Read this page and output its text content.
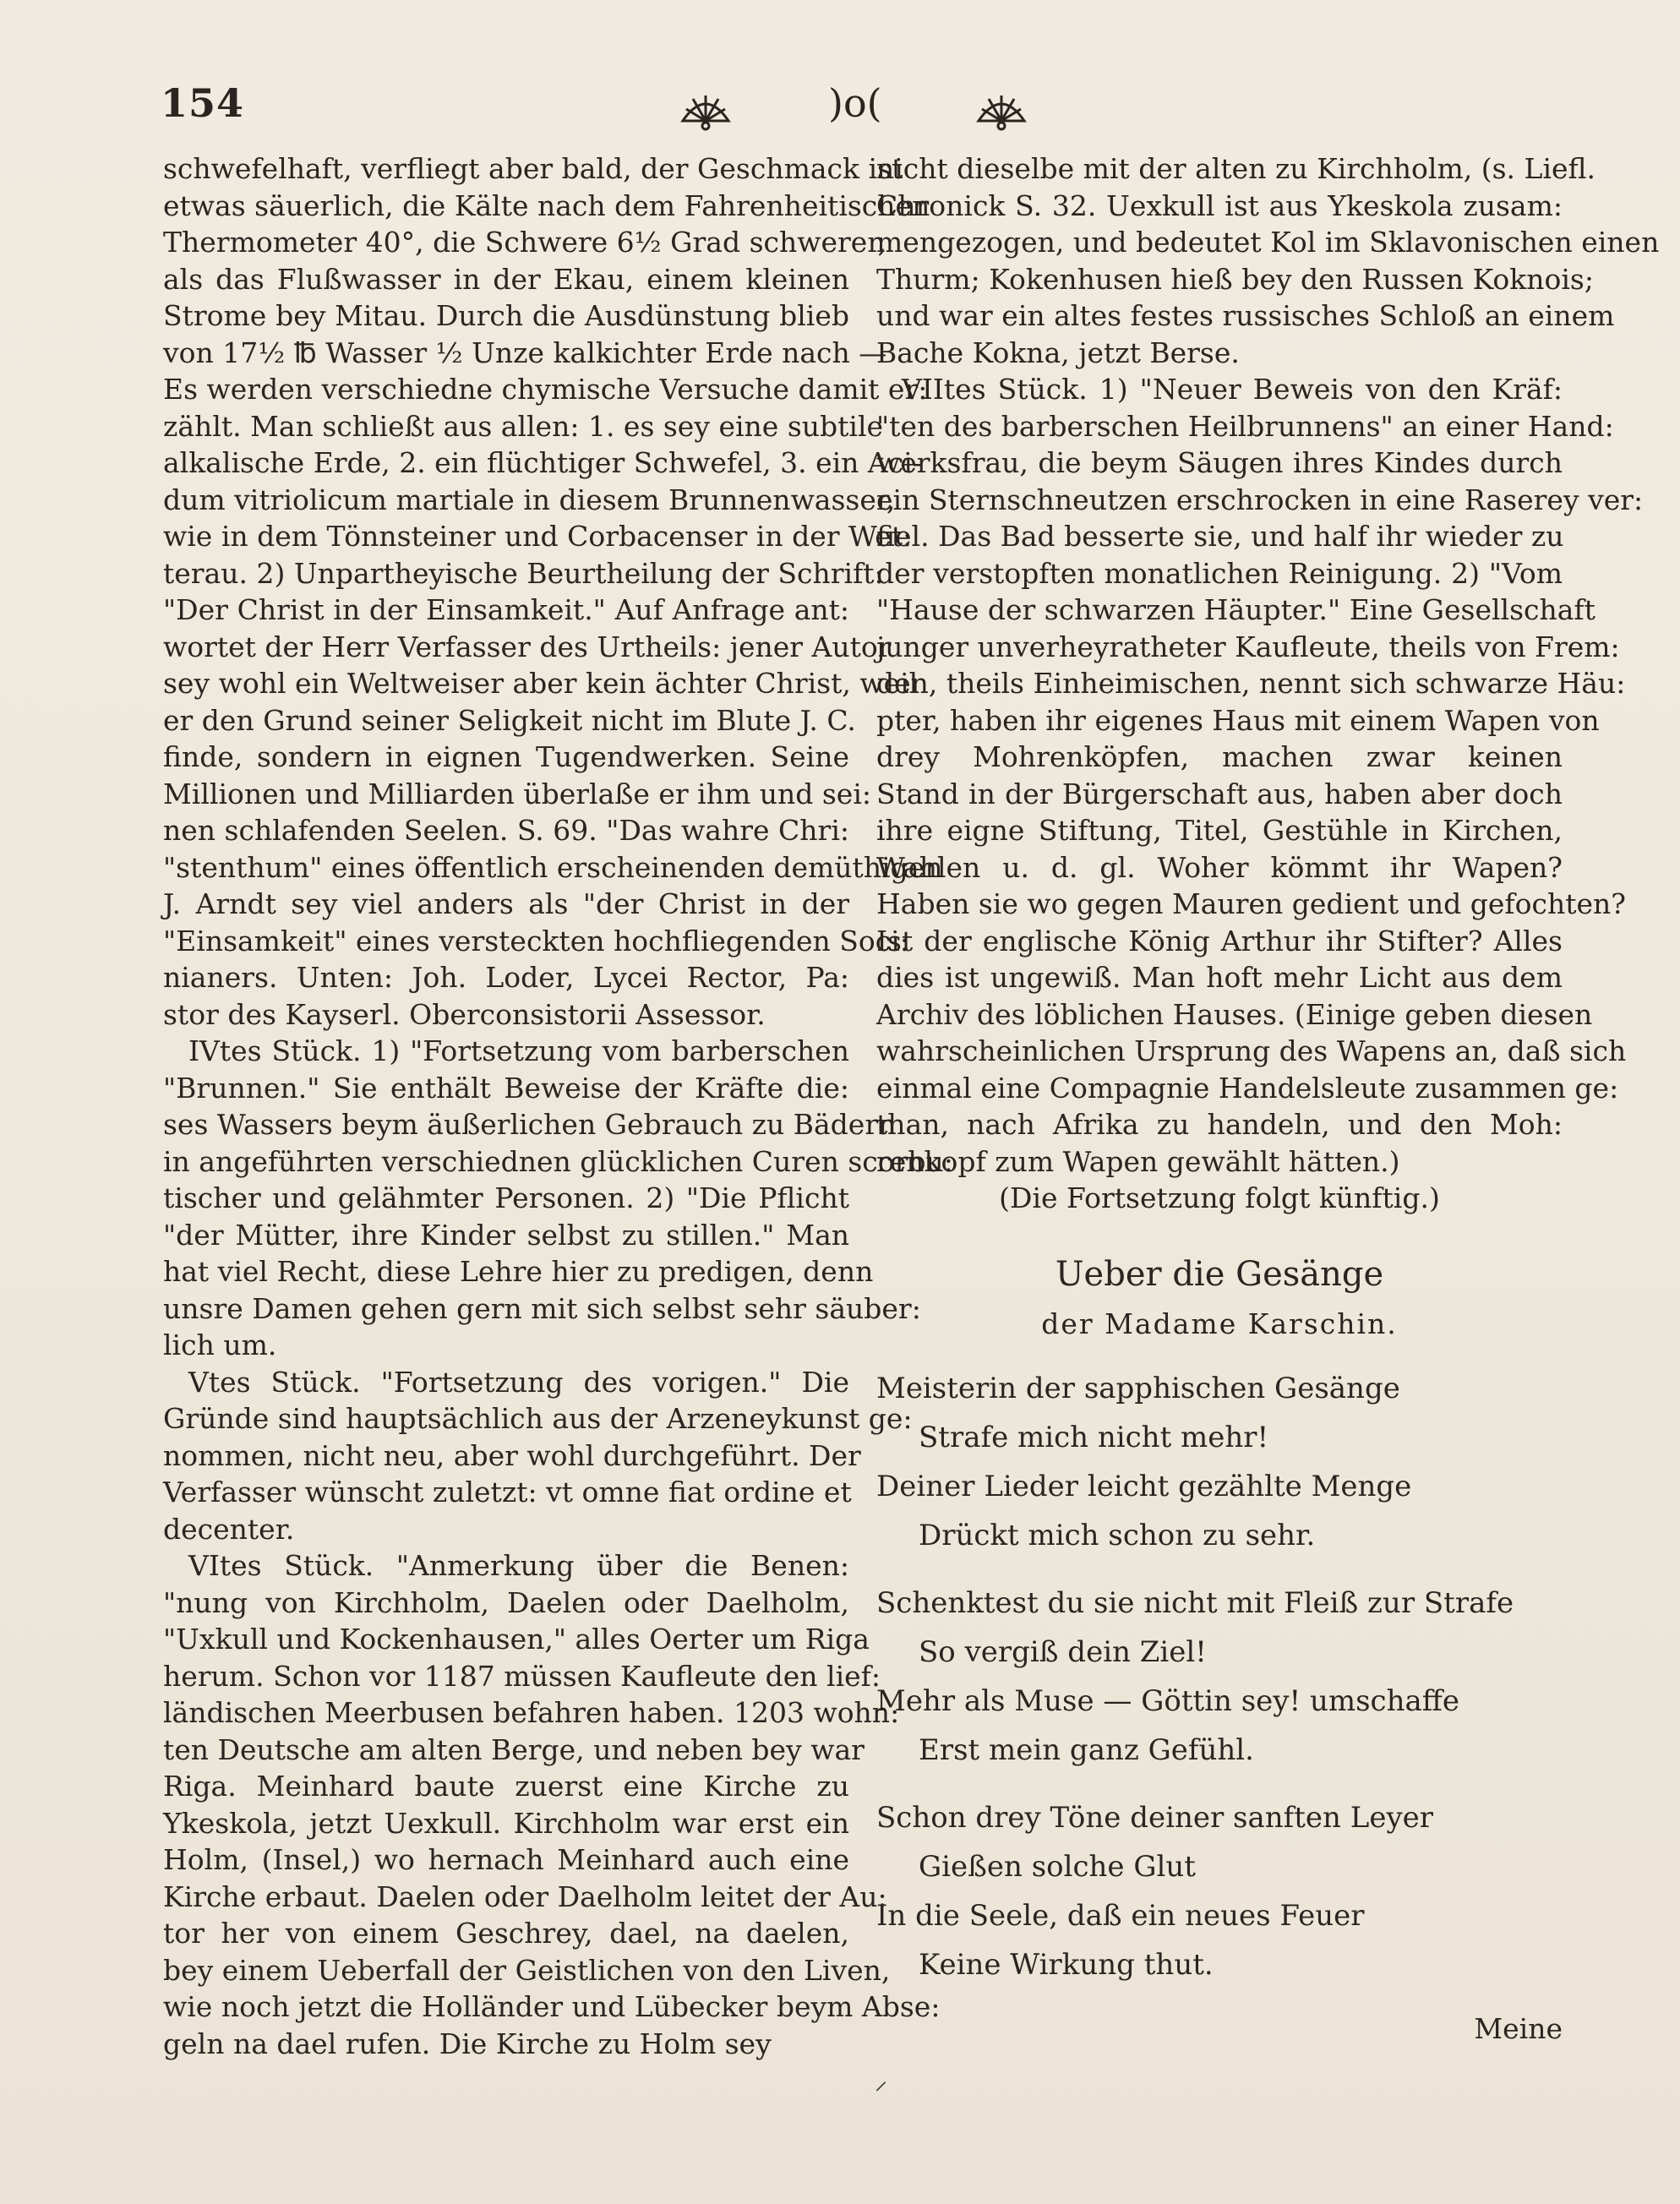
154	)o(
schwefelhaft, verfliegt aber bald, der Geschmack ist
etwas säuerlich, die Kälte nach dem Fahrenheitischen
Thermometer 40°, die Schwere 6½ Grad schwerer,
als das Flußwasser in der Ekau, einem kleinen
Strome bey Mitau. Durch die Ausdünstung blieb
von 17½ ℔ Wasser ½ Unze kalkichter Erde nach —
Es werden verschiedne chymische Versuche damit er:
zählt. Man schließt aus allen: 1. es sey eine subtile
alkalische Erde, 2. ein flüchtiger Schwefel, 3. ein Aci-
dum vitriolicum martiale in diesem Brunnenwasser,
wie in dem Tönnsteiner und Corbacenser in der Wet:
terau. 2) Unpartheyische Beurtheilung der Schrift:
"Der Christ in der Einsamkeit." Auf Anfrage ant:
wortet der Herr Verfasser des Urtheils: jener Autor
sey wohl ein Weltweiser aber kein ächter Christ, weil
er den Grund seiner Seligkeit nicht im Blute J. C.
finde, sondern in eignen Tugendwerken. Seine
Millionen und Milliarden überlaße er ihm und sei:
nen schlafenden Seelen. S. 69. "Das wahre Chri:
"stenthum" eines öffentlich erscheinenden demüthigen
J. Arndt sey viel anders als "der Christ in der
"Einsamkeit" eines versteckten hochfliegenden Soci:
nianers. Unten: Joh. Loder, Lycei Rector, Pa:
stor des Kayserl. Oberconsistorii Assessor.
IVtes Stück. 1) "Fortsetzung vom barberschen
"Brunnen." Sie enthält Beweise der Kräfte die:
ses Wassers beym äußerlichen Gebrauch zu Bädern
in angeführten verschiednen glücklichen Curen scorbu:
tischer und gelähmter Personen. 2) "Die Pflicht
"der Mütter, ihre Kinder selbst zu stillen." Man
hat viel Recht, diese Lehre hier zu predigen, denn
unsre Damen gehen gern mit sich selbst sehr säuber:
lich um.
Vtes Stück. "Fortsetzung des vorigen." Die
Gründe sind hauptsächlich aus der Arzeneykunst ge:
nommen, nicht neu, aber wohl durchgeführt. Der
Verfasser wünscht zuletzt: vt omne fiat ordine et
decenter.
VItes Stück. "Anmerkung über die Benen:
"nung von Kirchholm, Daelen oder Daelholm,
"Uxkull und Kockenhausen," alles Oerter um Riga
herum. Schon vor 1187 müssen Kaufleute den lief:
ländischen Meerbusen befahren haben. 1203 wohn:
ten Deutsche am alten Berge, und neben bey war
Riga. Meinhard baute zuerst eine Kirche zu
Ykeskola, jetzt Uexkull. Kirchholm war erst ein
Holm, (Insel,) wo hernach Meinhard auch eine
Kirche erbaut. Daelen oder Daelholm leitet der Au:
tor her von einem Geschrey, dael, na daelen,
bey einem Ueberfall der Geistlichen von den Liven,
wie noch jetzt die Holländer und Lübecker beym Abse:
geln na dael rufen. Die Kirche zu Holm sey
nicht dieselbe mit der alten zu Kirchholm, (s. Liefl.
Chronick S. 32. Uexkull ist aus Ykeskola zusam:
mengezogen, und bedeutet Kol im Sklavonischen einen
Thurm; Kokenhusen hieß bey den Russen Koknois;
und war ein altes festes russisches Schloß an einem
Bache Kokna, jetzt Berse.
VIItes Stück. 1) "Neuer Beweis von den Kräf:
"ten des barberschen Heilbrunnens" an einer Hand:
werksfrau, die beym Säugen ihres Kindes durch
ein Sternschneutzen erschrocken in eine Raserey ver:
fiel. Das Bad besserte sie, und half ihr wieder zu
der verstopften monatlichen Reinigung. 2) "Vom
"Hause der schwarzen Häupter." Eine Gesellschaft
junger unverheyratheter Kaufleute, theils von Frem:
den, theils Einheimischen, nennt sich schwarze Häu:
pter, haben ihr eigenes Haus mit einem Wapen von
drey Mohrenköpfen, machen zwar keinen
Stand in der Bürgerschaft aus, haben aber doch
ihre eigne Stiftung, Titel, Gestühle in Kirchen,
Wahlen u. d. gl. Woher kömmt ihr Wapen?
Haben sie wo gegen Mauren gedient und gefochten?
Ist der englische König Arthur ihr Stifter? Alles
dies ist ungewiß. Man hoft mehr Licht aus dem
Archiv des löblichen Hauses. (Einige geben diesen
wahrscheinlichen Ursprung des Wapens an, daß sich
einmal eine Compagnie Handelsleute zusammen ge:
than, nach Afrika zu handeln, und den Moh:
renkopf zum Wapen gewählt hätten.)
(Die Fortsetzung folgt künftig.)
Ueber die Gesänge
der Madame Karschin.
Meisterin der sapphischen Gesänge
Strafe mich nicht mehr!
Deiner Lieder leicht gezählte Menge
Drückt mich schon zu sehr.
Schenktest du sie nicht mit Fleiß zur Strafe
So vergiß dein Ziel!
Mehr als Muse — Göttin sey! umschaffe
Erst mein ganz Gefühl.
Schon drey Töne deiner sanften Leyer
Gießen solche Glut
In die Seele, daß ein neues Feuer
Keine Wirkung thut.
Meine
⸝
